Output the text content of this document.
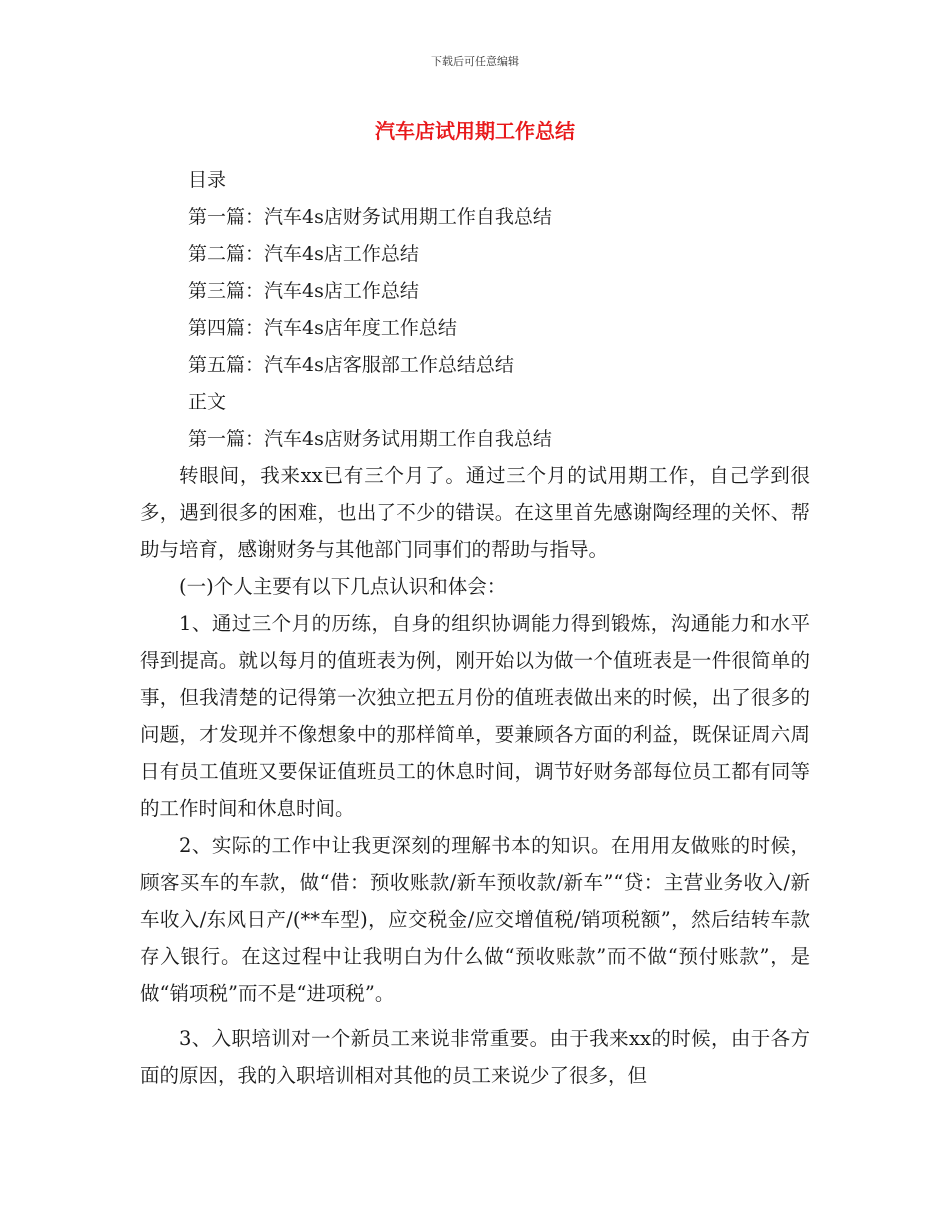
下载后可任意编辑
汽车店试用期工作总结
目录
第一篇：汽车4s店财务试用期工作自我总结
第二篇：汽车4s店工作总结
第三篇：汽车4s店工作总结
第四篇：汽车4s店年度工作总结
第五篇：汽车4s店客服部工作总结总结
正文
第一篇：汽车4s店财务试用期工作自我总结

转眼间，我来xx已有三个月了。通过三个月的试用期工作，自己学到很多，遇到很多的困难，也出了不少的错误。在这里首先感谢陶经理的关怀、帮助与培育，感谢财务与其他部门同事们的帮助与指导。

(一)个人主要有以下几点认识和体会：

1、通过三个月的历练，自身的组织协调能力得到锻炼，沟通能力和水平得到提高。就以每月的值班表为例，刚开始以为做一个值班表是一件很简单的事，但我清楚的记得第一次独立把五月份的值班表做出来的时候，出了很多的问题，才发现并不像想象中的那样简单，要兼顾各方面的利益，既保证周六周日有员工值班又要保证值班员工的休息时间，调节好财务部每位员工都有同等的工作时间和休息时间。

2、实际的工作中让我更深刻的理解书本的知识。在用用友做账的时候，顾客买车的车款，做“借：预收账款/新车预收款/新车”“贷：主营业务收入/新车收入/东风日产/(**车型)，应交税金/应交增值税/销项税额”，然后结转车款存入银行。在这过程中让我明白为什么做“预收账款”而不做“预付账款”，是做“销项税”而不是“进项税”。

3、入职培训对一个新员工来说非常重要。由于我来xx的时候，由于各方面的原因，我的入职培训相对其他的员工来说少了很多，但
